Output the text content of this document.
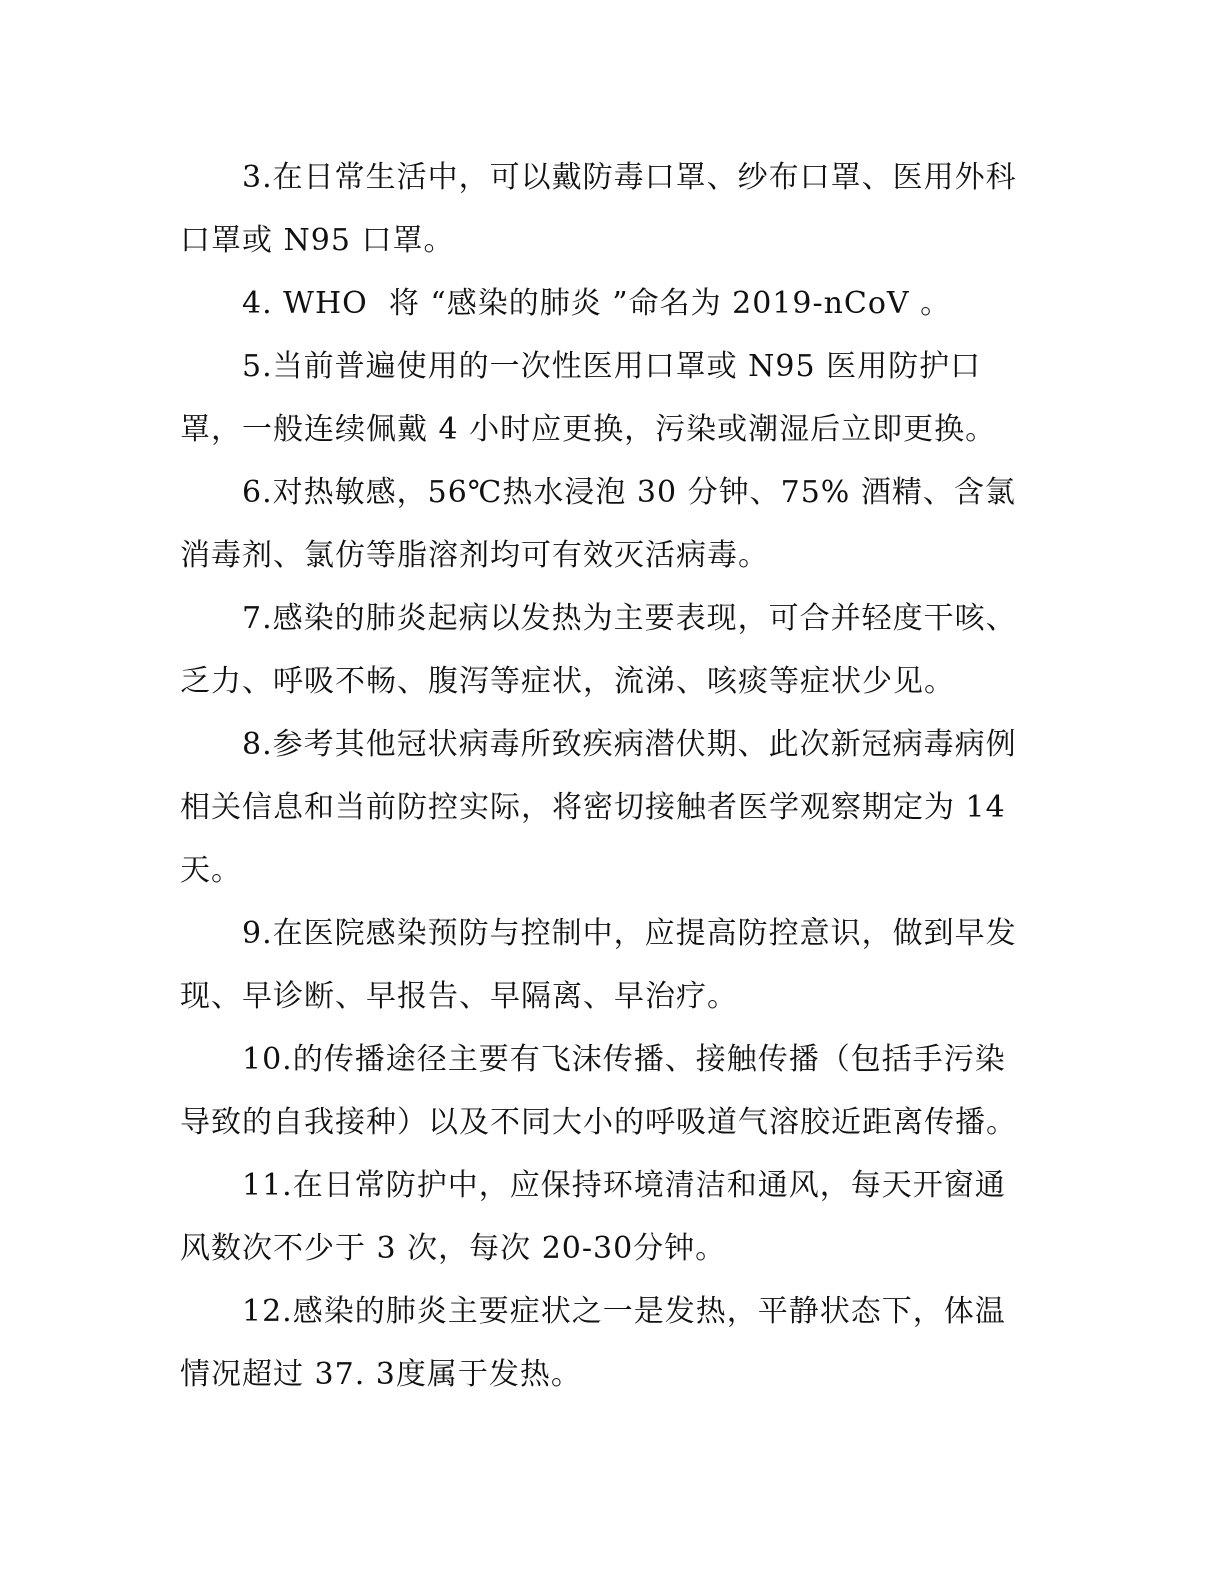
3.在日常生活中，可以戴防毒口罩、纱布口罩、医用外科口罩或 N95 口罩。

4. WHO  将 “感染的肺炎 ”命名为 2019-nCoV 。

5.当前普遍使用的一次性医用口罩或 N95 医用防护口罩，一般连续佩戴 4 小时应更换，污染或潮湿后立即更换。

6.对热敏感，56℃热水浸泡 30 分钟、75% 酒精、含氯消毒剂、氯仿等脂溶剂均可有效灭活病毒。

7.感染的肺炎起病以发热为主要表现，可合并轻度干咳、乏力、呼吸不畅、腹泻等症状，流涕、咳痰等症状少见。

8.参考其他冠状病毒所致疾病潜伏期、此次新冠病毒病例相关信息和当前防控实际，将密切接触者医学观察期定为 14 天。

9.在医院感染预防与控制中，应提高防控意识，做到早发现、早诊断、早报告、早隔离、早治疗。

10.的传播途径主要有飞沫传播、接触传播（包括手污染导致的自我接种）以及不同大小的呼吸道气溶胶近距离传播。

11.在日常防护中，应保持环境清洁和通风，每天开窗通风数次不少于 3 次，每次 20-30分钟。

12.感染的肺炎主要症状之一是发热，平静状态下，体温情况超过 37. 3度属于发热。
